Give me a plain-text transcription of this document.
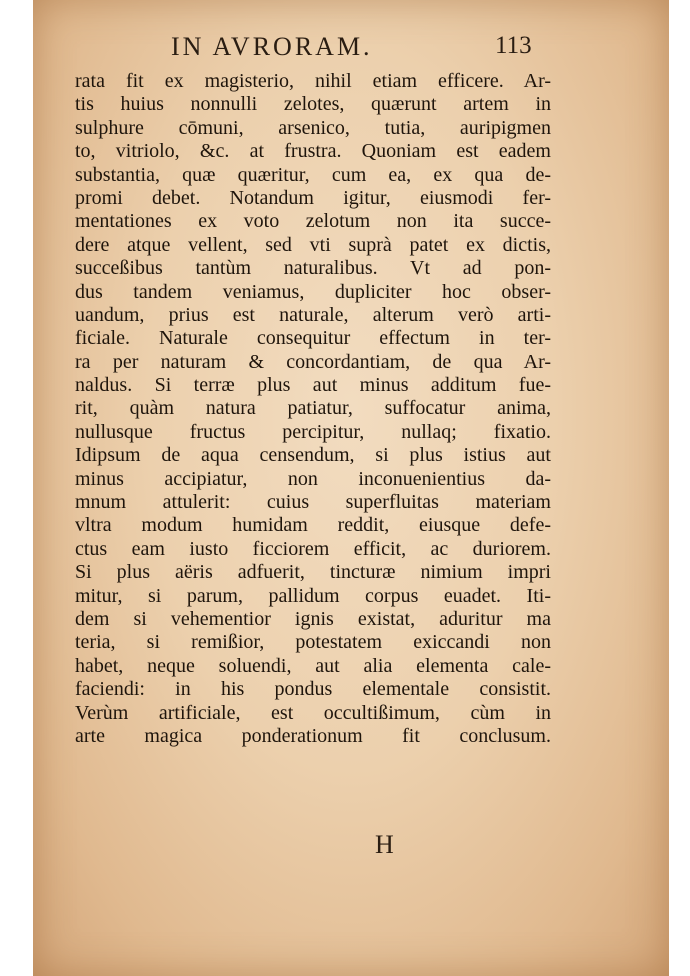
IN AVRORAM.	113
rata fit ex magisterio, nihil etiam efficere. Ar-
tis huius nonnulli zelotes, quærunt artem in
sulphure cōmuni, arsenico, tutia, auripigmen
to, vitriolo, &c. at frustra. Quoniam est eadem
substantia, quæ quæritur, cum ea, ex qua de-
promi debet. Notandum igitur, eiusmodi fer-
mentationes ex voto zelotum non ita succe-
dere atque vellent, sed vti suprà patet ex dictis,
succeßibus tantùm naturalibus. Vt ad pon-
dus tandem veniamus, dupliciter hoc obser-
uandum, prius est naturale, alterum verò arti-
ficiale. Naturale consequitur effectum in ter-
ra per naturam & concordantiam, de qua Ar-
naldus. Si terræ plus aut minus additum fue-
rit, quàm natura patiatur, suffocatur anima,
nullusque fructus percipitur, nullaq; fixatio.
Idipsum de aqua censendum, si plus istius aut
minus accipiatur, non inconuenientius da-
mnum attulerit: cuius superfluitas materiam
vltra modum humidam reddit, eiusque defe-
ctus eam iusto ficciorem efficit, ac duriorem.
Si plus aëris adfuerit, tincturæ nimium impri
mitur, si parum, pallidum corpus euadet. Iti-
dem si vehementior ignis existat, aduritur ma
teria, si remißior, potestatem exiccandi non
habet, neque soluendi, aut alia elementa cale-
faciendi: in his pondus elementale consistit.
Verùm artificiale, est occultißimum, cùm in
arte magica ponderationum fit conclusum.
H
